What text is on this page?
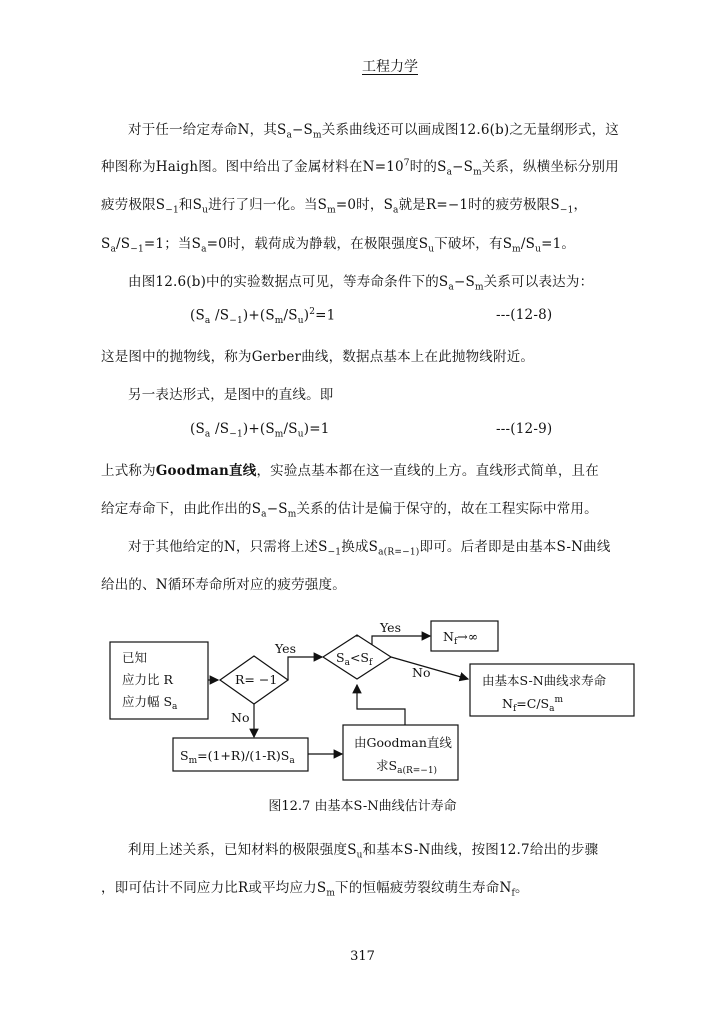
工程力学
对于任一给定寿命N，其$S_a-S_m$关系曲线还可以画成图12.6(b)之无量纲形式，这
种图称为Haigh图。图中给出了金属材料在$N=10^7$时的$S_a-S_m$关系，纵横坐标分别用
疲劳极限$S_{-1}$和$S_u$进行了归一化。当$S_m=0$时，$S_a$就是R=−1时的疲劳极限$S_{-1}$，
$S_a/S_{-1}=1$；当$S_a=0$时，载荷成为静载，在极限强度$S_u$下破坏，有$S_m/S_u=1$。
由图12.6(b)中的实验数据点可见，等寿命条件下的$S_a-S_m$关系可以表达为：
($S_a$ $/S_{-1})+(S_m/S_u)^2=1$	---(12-8)
这是图中的抛物线，称为Gerber曲线，数据点基本上在此抛物线附近。
另一表达形式，是图中的直线。即
($S_a$ $/S_{-1})+(S_m/S_u)=1$	---(12-9)
上式称为Goodman直线，实验点基本都在这一直线的上方。直线形式简单，且在
给定寿命下，由此作出的$S_a-S_m$关系的估计是偏于保守的，故在工程实际中常用。
对于其他给定的N，只需将上述$S_{-1}$换成$S_{a(R=-1)}$即可。后者即是由基本S-N曲线
给出的、N循环寿命所对应的疲劳强度。
已知
应力比 R
应力幅 $S_a$
R= −1
Yes
No
$S_m=(1+R)/(1-R)S_a$
由Goodman直线
求$S_{a(R=-1)}$
$S_a<S_f$
Yes
$N_f\to\infty$
No
由基本S-N曲线求寿命
$N_f=C/S_a^m$
图12.7 由基本S-N曲线估计寿命
利用上述关系，已知材料的极限强度$S_u$和基本S-N曲线，按图12.7给出的步骤
，即可估计不同应力比R或平均应力$S_m$下的恒幅疲劳裂纹萌生寿命$N_f$。
317
